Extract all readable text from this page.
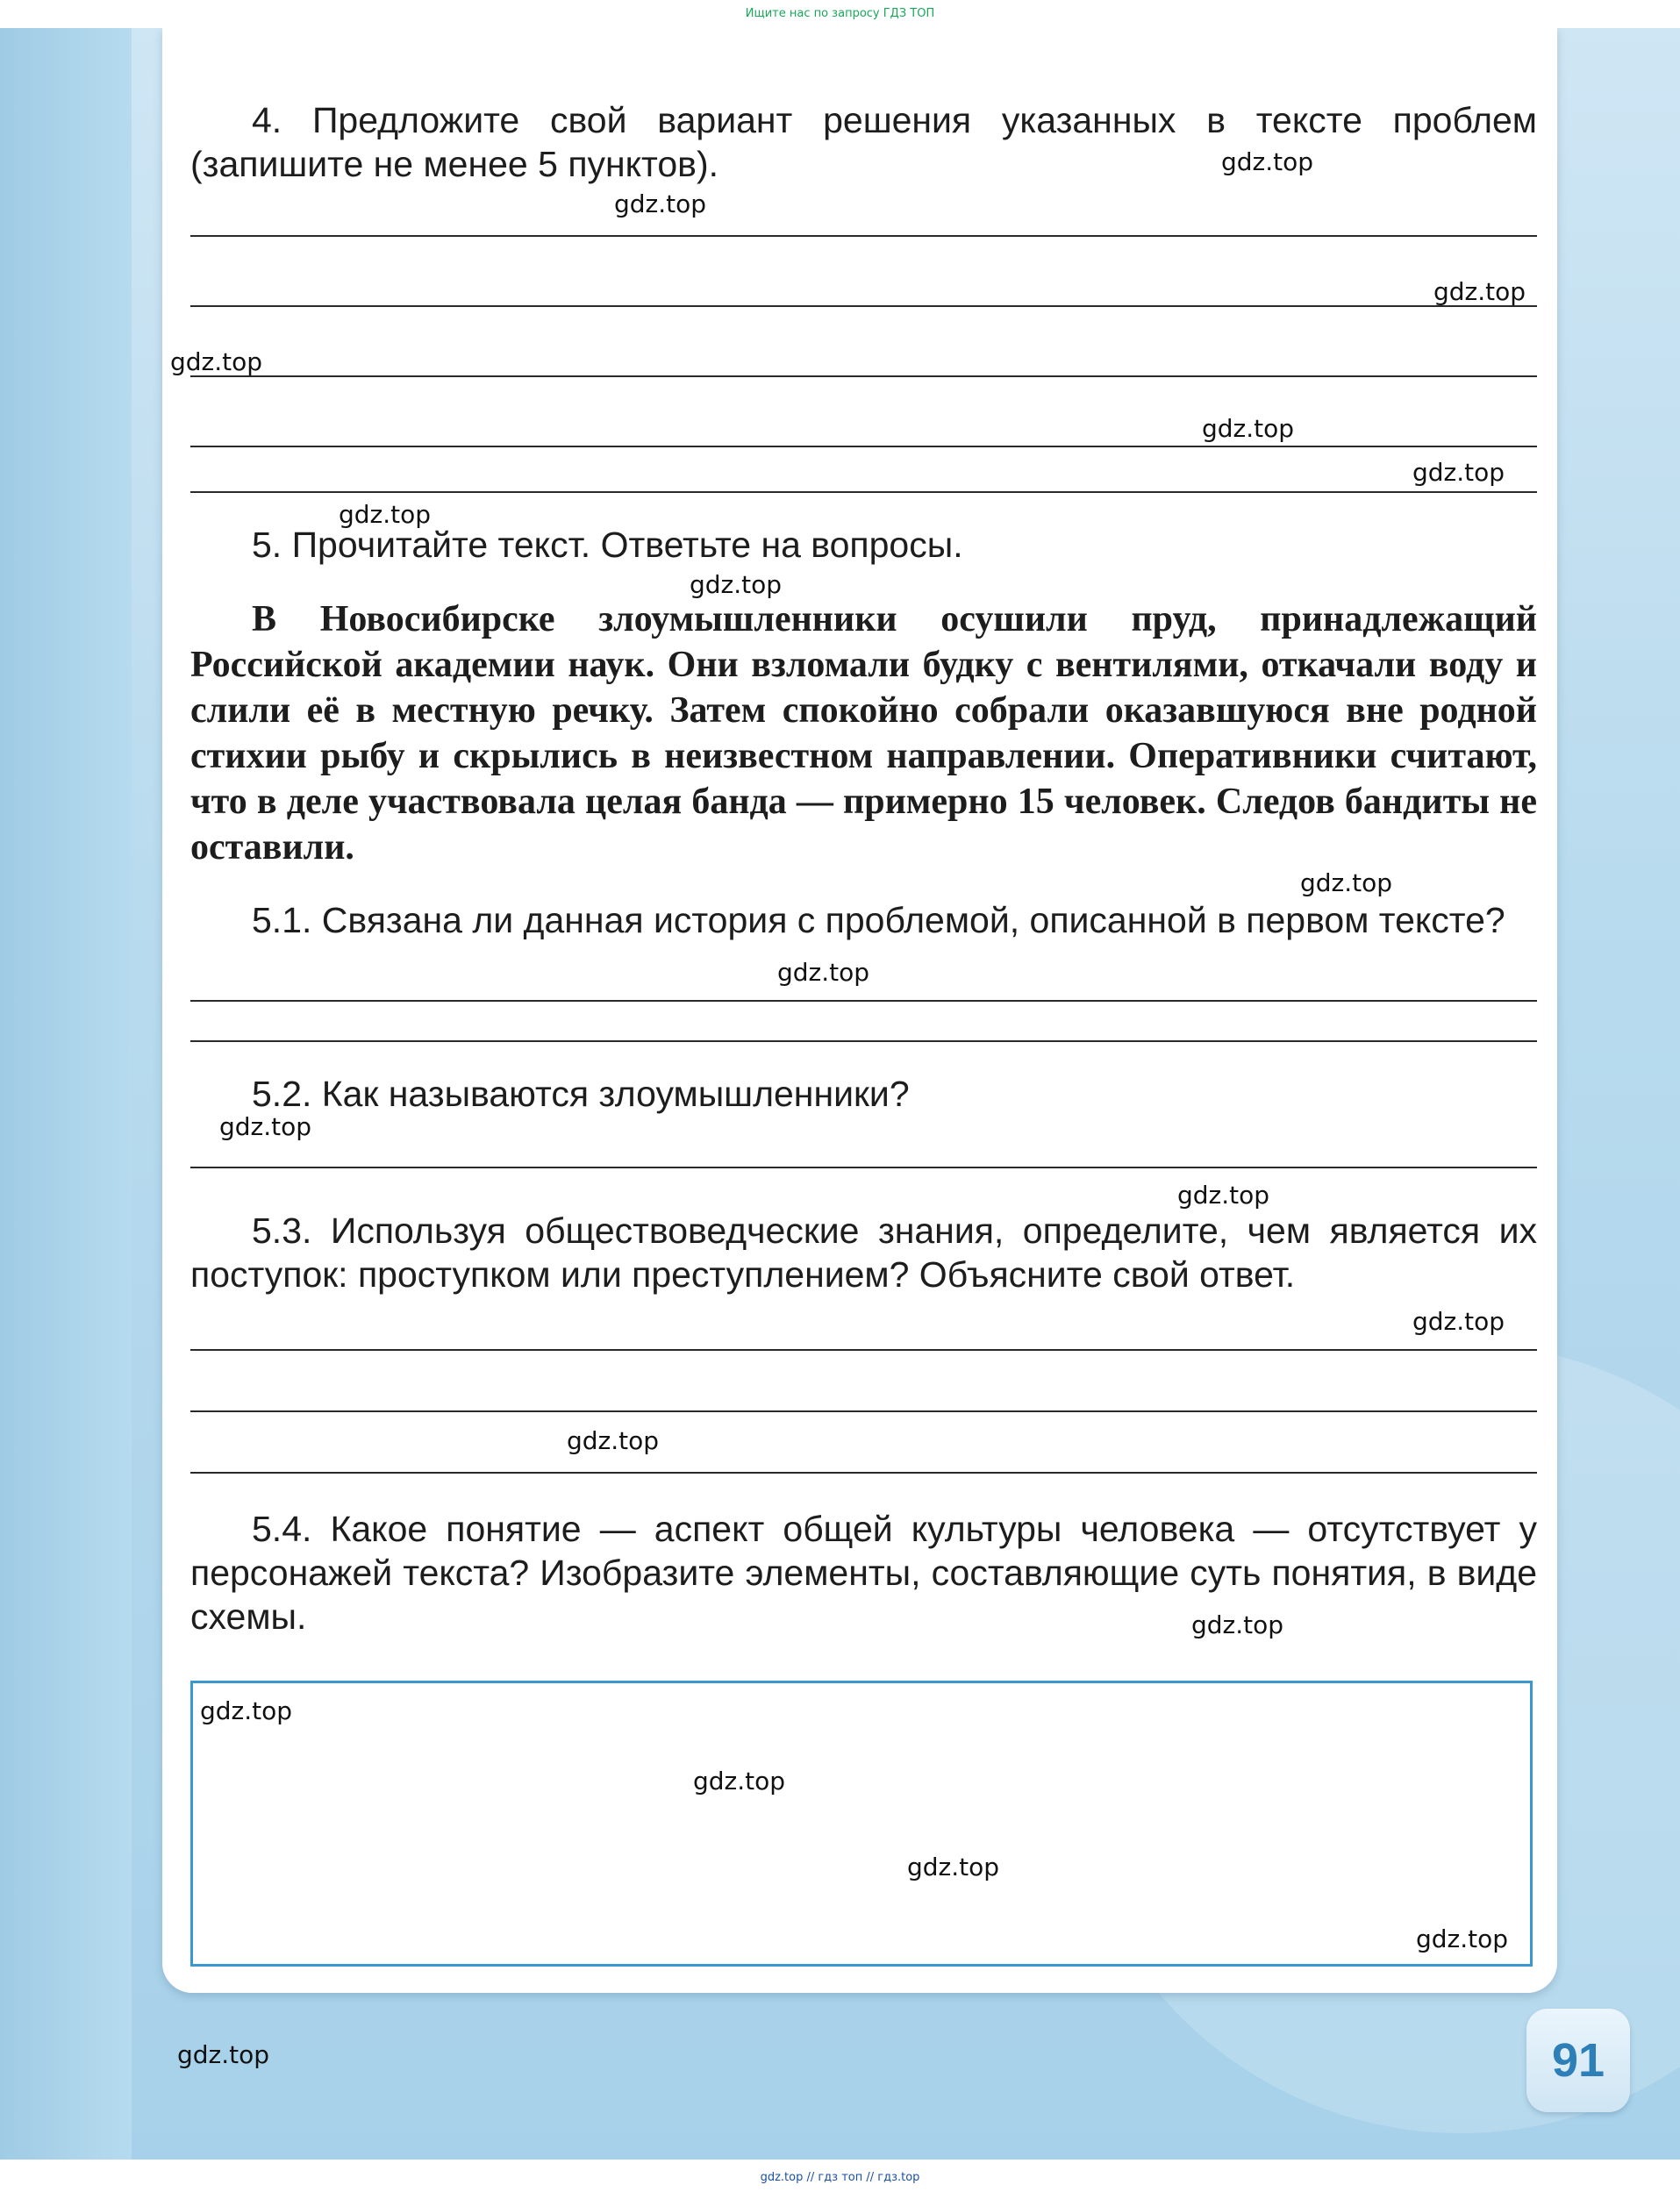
Ищите нас по запросу ГДЗ ТОП

4. Предложите свой вариант решения указанных в тексте проблем (запишите не менее 5 пунктов).

5. Прочитайте текст. Ответьте на вопросы.

В Новосибирске злоумышленники осушили пруд, принадлежащий Российской академии наук. Они взломали будку с вентилями, откачали воду и слили её в местную речку. Затем спокойно собрали оказавшуюся вне родной стихии рыбу и скрылись в неизвестном направлении. Оперативники считают, что в деле участвовала целая банда — примерно 15 человек. Следов бандиты не оставили.

5.1. Связана ли данная история с проблемой, описанной в первом тексте?

5.2. Как называются злоумышленники?

5.3. Используя обществоведческие знания, определите, чем является их поступок: проступком или преступлением? Объясните свой ответ.

5.4. Какое понятие — аспект общей культуры человека — отсутствует у персонажей текста? Изобразите элементы, составляющие суть понятия, в виде схемы.

gdz.top
gdz.top
gdz.top
gdz.top
gdz.top
gdz.top
gdz.top
gdz.top
gdz.top
gdz.top
gdz.top
gdz.top
gdz.top
gdz.top
gdz.top
gdz.top
gdz.top
gdz.top
gdz.top
gdz.top	91
gdz.top // гдз топ // гдз.top
